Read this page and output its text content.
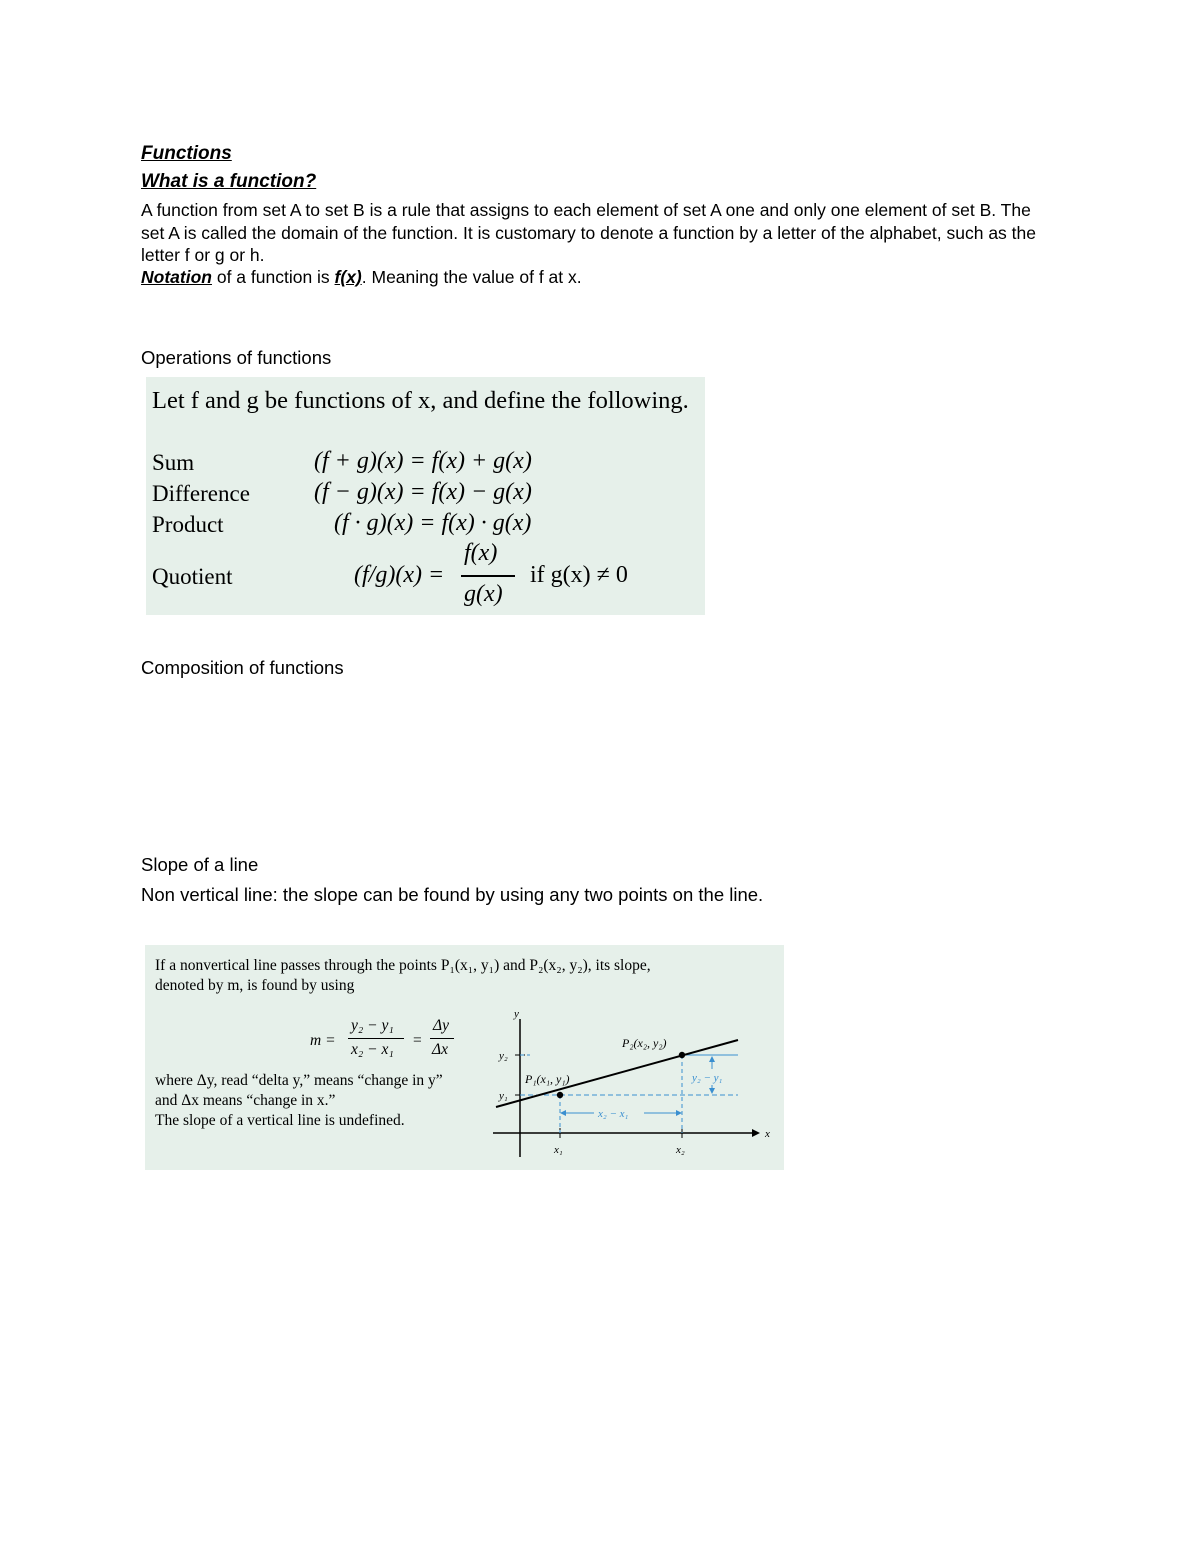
Functions
What is a function?
A function from set A to set B is a rule that assigns to each element of set A one and only one element of set B. The set A is called the domain of the function. It is customary to denote a function by a letter of the alphabet, such as the letter f or g or h.
Notation of a function is f(x). Meaning the value of f at x.
Operations of functions
Let f and g be functions of x, and define the following.
Sum	(f + g)(x) = f(x) + g(x)
Difference	(f − g)(x) = f(x) − g(x)
Product	(f · g)(x) = f(x) · g(x)
Quotient	(f/g)(x) =
f(x)
g(x)
if g(x) ≠ 0
Composition of functions
Slope of a line
Non vertical line: the slope can be found by using any two points on the line.
If a nonvertical line passes through the points P₁(x₁, y₁) and P₂(x₂, y₂), its slope,
denoted by m, is found by using
m =
y₂ − y₁
x₂ − x₁
=
Δy
Δx
where Δy, read “delta y,” means “change in y”
and Δx means “change in x.”
The slope of a vertical line is undefined.
y
x
y₂
y₁
x₁	x₂
y₂ − y₁
x₂ − x₁
P₁(x₁, y₁)
P₂(x₂, y₂)
